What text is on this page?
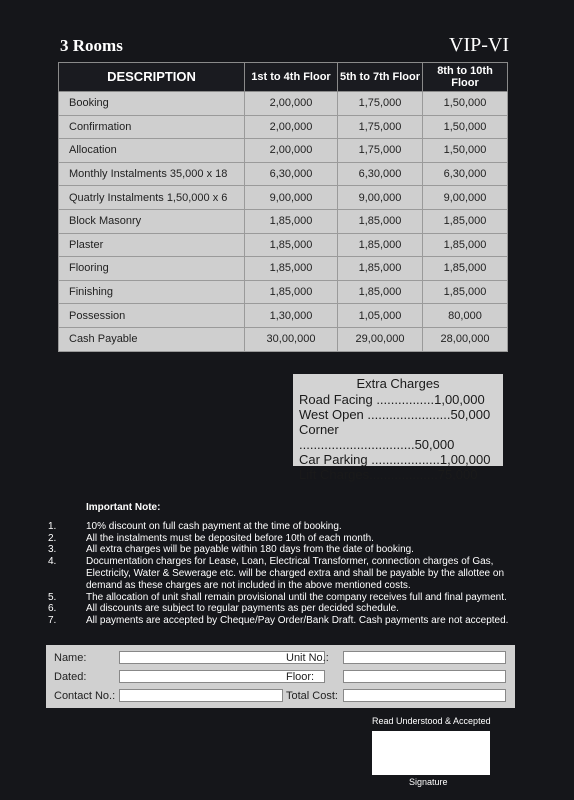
3 Rooms	VIP-VI
DESCRIPTION	1st to 4th Floor	5th to 7th Floor	8th to 10th Floor
Booking	2,00,000	1,75,000	1,50,000
Confirmation	2,00,000	1,75,000	1,50,000
Allocation	2,00,000	1,75,000	1,50,000
Monthly Instalments 35,000 x 18	6,30,000	6,30,000	6,30,000
Quatrly Instalments 1,50,000 x 6	9,00,000	9,00,000	9,00,000
Block Masonry	1,85,000	1,85,000	1,85,000
Plaster	1,85,000	1,85,000	1,85,000
Flooring	1,85,000	1,85,000	1,85,000
Finishing	1,85,000	1,85,000	1,85,000
Possession	1,30,000	1,05,000	80,000
Cash Payable	30,00,000	29,00,000	28,00,000
Extra Charges
Road Facing ................1,00,000
West Open .......................50,000
Corner ................................50,000
Car Parking ...................1,00,000
Lift Charges...................75,000
Important Note:
1.	10% discount on full cash payment at the time of booking.
2.	All the instalments must be deposited before 10th of each month.
3.	All extra charges will be payable within 180 days from the date of booking.
4.	Documentation charges for Lease, Loan, Electrical Transformer, connection charges of Gas, Electricity, Water & Sewerage etc. will be charged extra and shall be payable by the allottee on demand as these charges are not included in the above mentioned costs.
5.	The allocation of unit shall remain provisional until the company receives full and final payment.
6.	All discounts are subject to regular payments as per decided schedule.
7.	All payments are accepted by Cheque/Pay Order/Bank Draft. Cash payments are not accepted.
Name:	Unit No.:
Dated:	Floor:
Contact No.:	Total Cost:
Read Understood & Accepted
Signature
